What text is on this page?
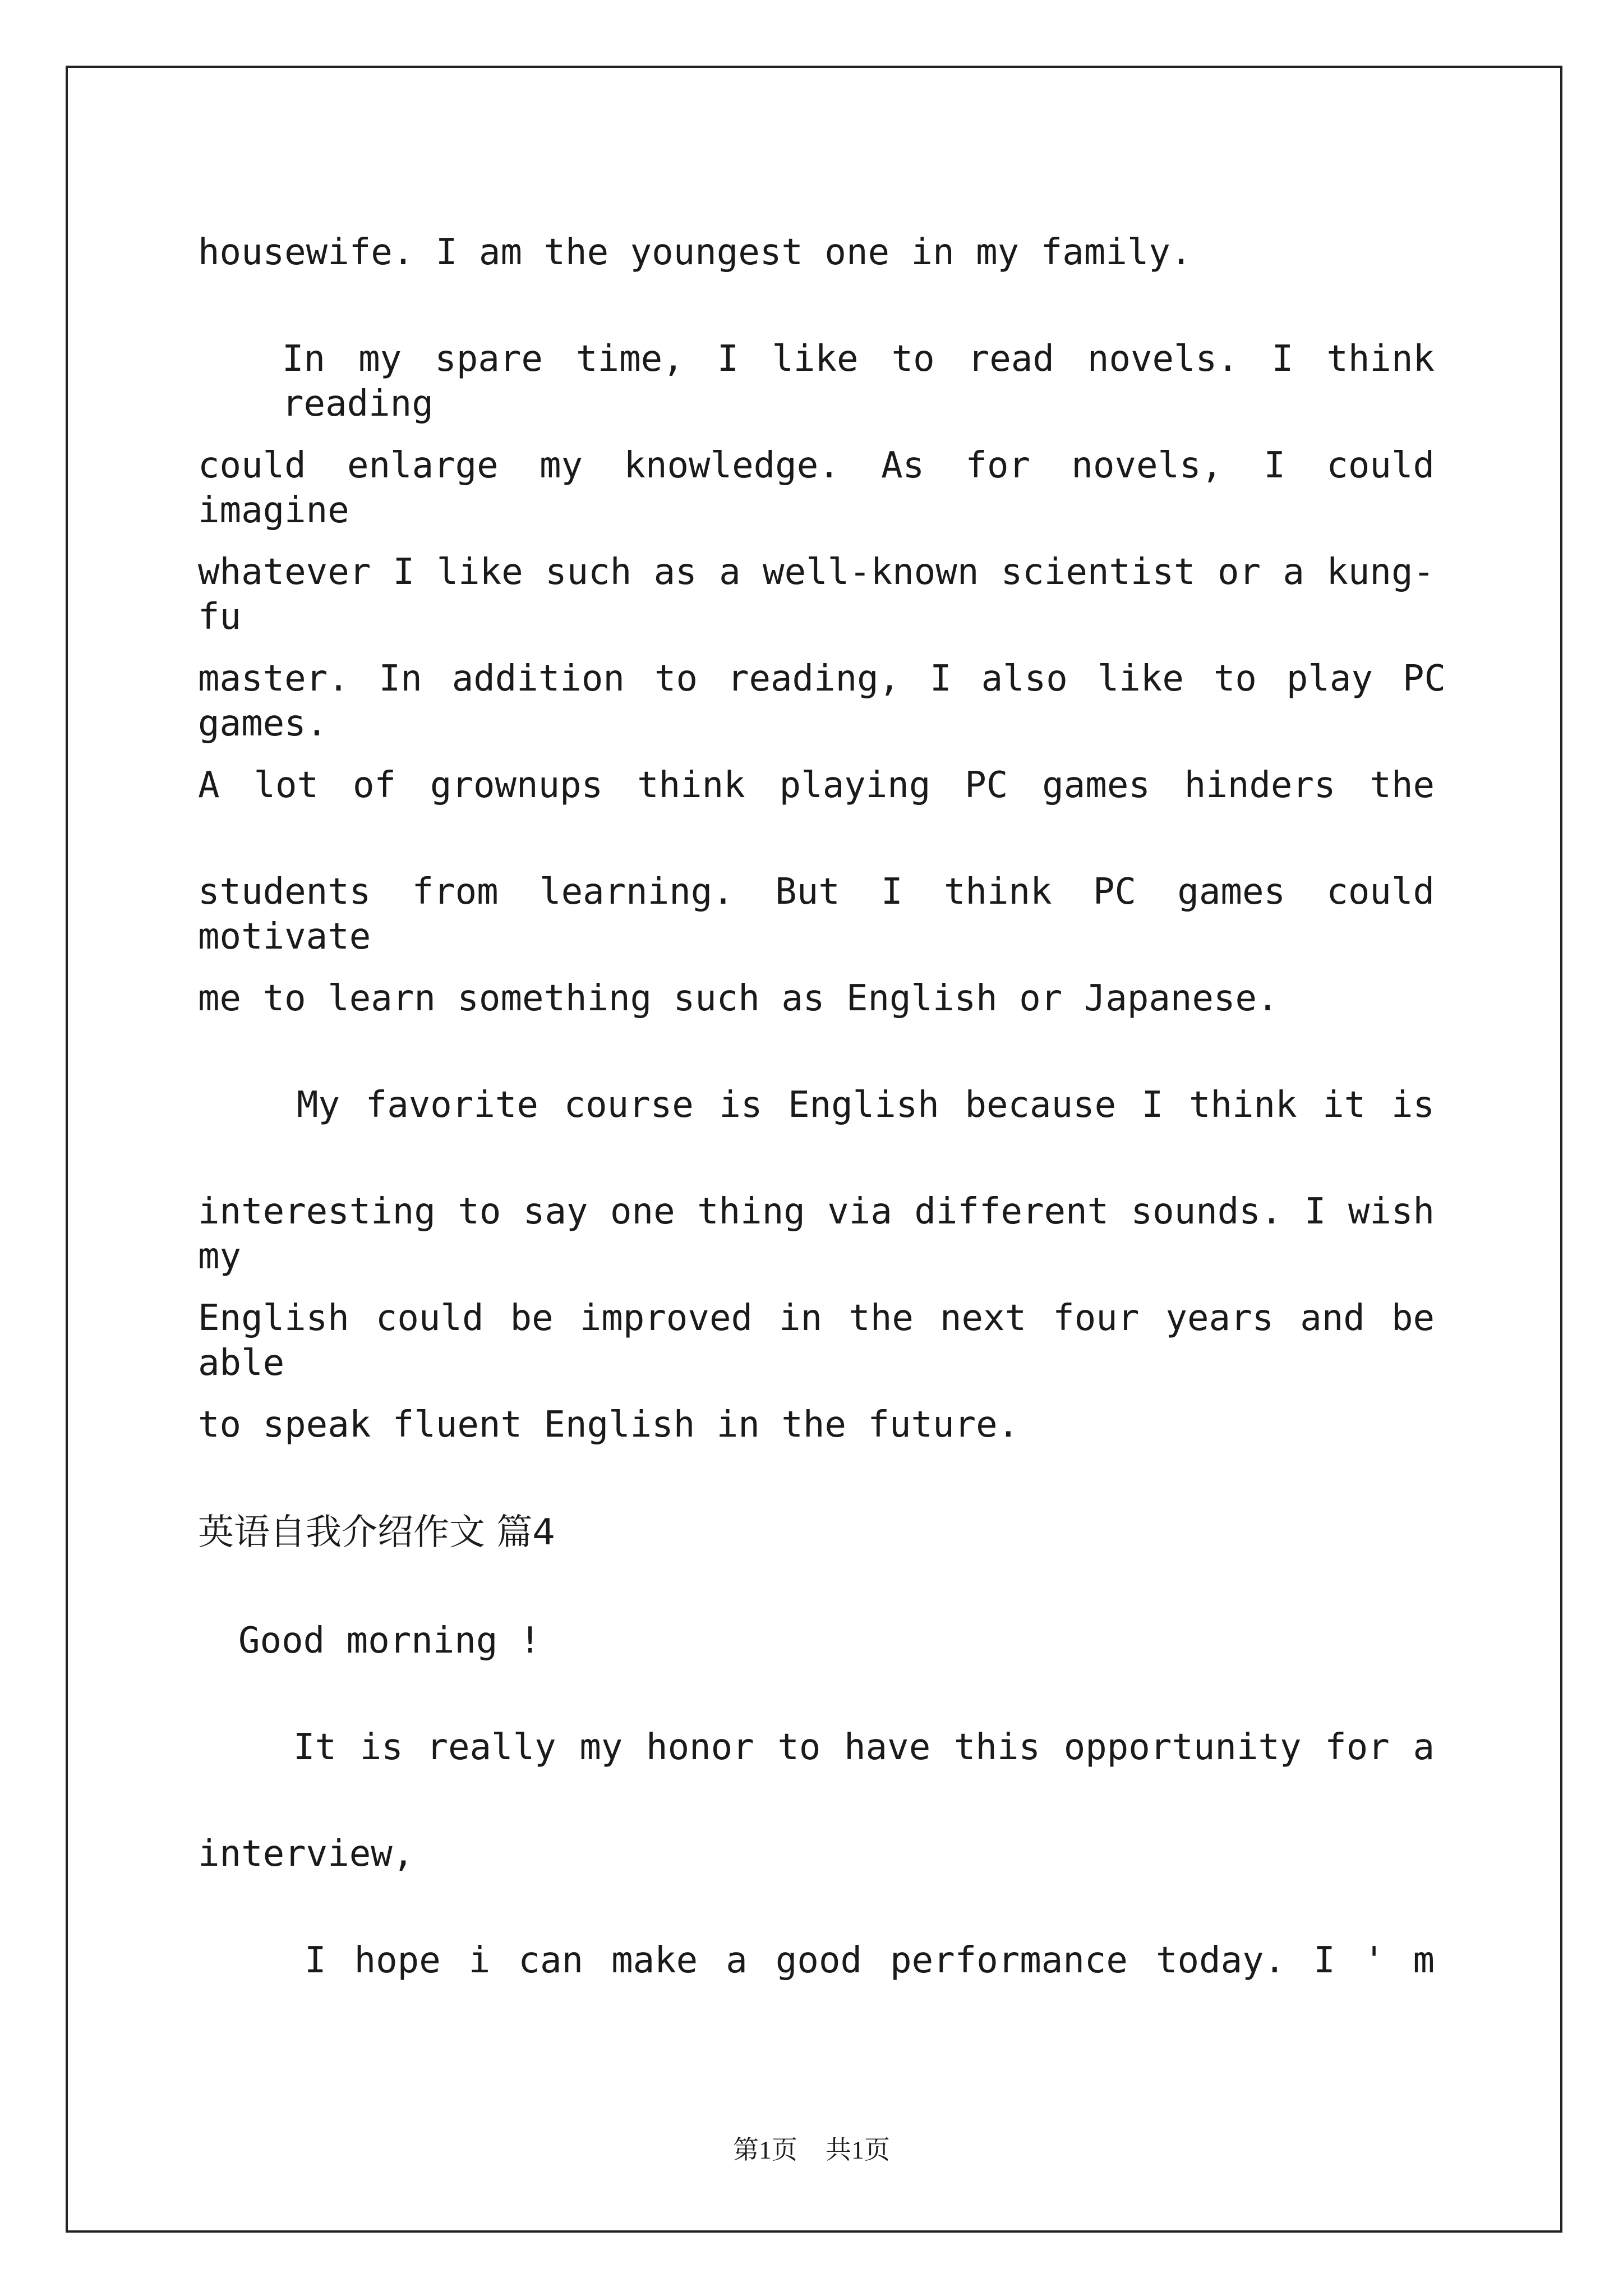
housewife. I am the youngest one in my family.
In my spare time, I like to read novels. I think reading
could enlarge my knowledge. As for novels, I could imagine
whatever I like such as a well-known scientist or a kung-fu
master. In addition to reading, I also like to play PC games.
A lot of grownups think playing PC games hinders the
students from learning. But I think PC games could motivate
me to learn something such as English or Japanese.
My favorite course is English because I think it is
interesting to say one thing via different sounds. I wish my
English could be improved in the next four years and be able
to speak fluent English in the future.
英语自我介绍作文 篇4
Good morning !
It is really my honor to have this opportunity for a
interview,
I hope i can make a good performance today. I ' m
第1页 共1页
